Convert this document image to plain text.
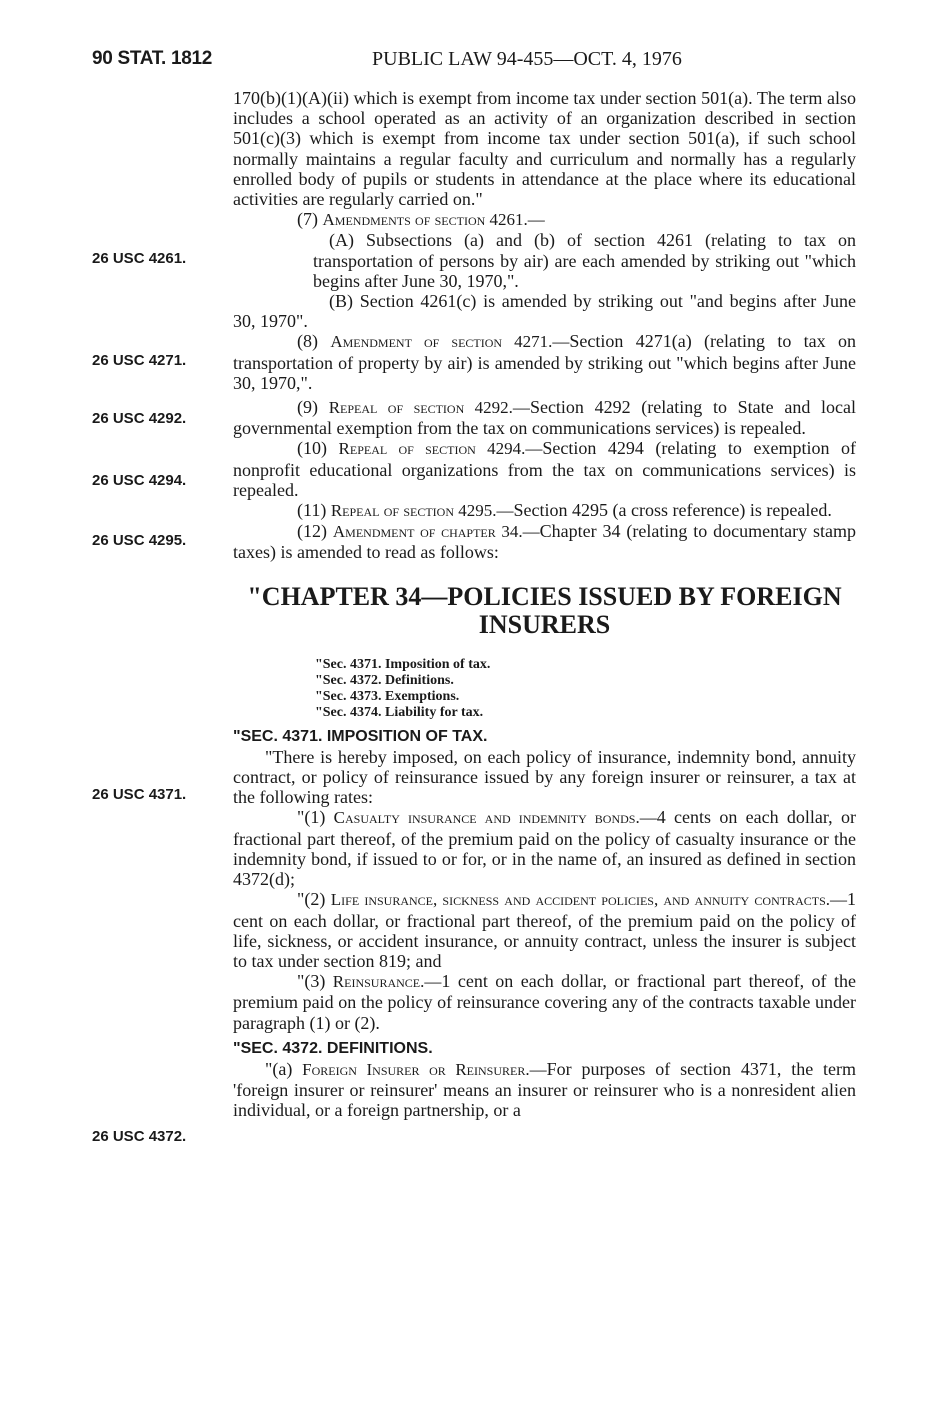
90 STAT. 1812	PUBLIC LAW 94-455—OCT. 4, 1976
26 USC 4261.
26 USC 4271.
26 USC 4292.
26 USC 4294.
26 USC 4295.
26 USC 4371.
26 USC 4372.

170(b)(1)(A)(ii) which is exempt from income tax under section 501(a). The term also includes a school operated as an activity of an organization described in section 501(c)(3) which is exempt from income tax under section 501(a), if such school normally maintains a regular faculty and curriculum and normally has a regularly enrolled body of pupils or students in attendance at the place where its educational activities are regularly carried on."

(7) Amendments of section 4261.—

(A) Subsections (a) and (b) of section 4261 (relating to tax on transportation of persons by air) are each amended by striking out "which begins after June 30, 1970,".

(B) Section 4261(c) is amended by striking out "and begins after June 30, 1970".

(8) Amendment of section 4271.—Section 4271(a) (relating to tax on transportation of property by air) is amended by striking out "which begins after June 30, 1970,".

(9) Repeal of section 4292.—Section 4292 (relating to State and local governmental exemption from the tax on communications services) is repealed.

(10) Repeal of section 4294.—Section 4294 (relating to exemption of nonprofit educational organizations from the tax on communications services) is repealed.

(11) Repeal of section 4295.—Section 4295 (a cross reference) is repealed.

(12) Amendment of chapter 34.—Chapter 34 (relating to documentary stamp taxes) is amended to read as follows:

"CHAPTER 34—POLICIES ISSUED BY FOREIGN INSURERS
"Sec. 4371. Imposition of tax.
"Sec. 4372. Definitions.
"Sec. 4373. Exemptions.
"Sec. 4374. Liability for tax.
"SEC. 4371. IMPOSITION OF TAX.

"There is hereby imposed, on each policy of insurance, indemnity bond, annuity contract, or policy of reinsurance issued by any foreign insurer or reinsurer, a tax at the following rates:

"(1) Casualty insurance and indemnity bonds.—4 cents on each dollar, or fractional part thereof, of the premium paid on the policy of casualty insurance or the indemnity bond, if issued to or for, or in the name of, an insured as defined in section 4372(d);

"(2) Life insurance, sickness and accident policies, and annuity contracts.—1 cent on each dollar, or fractional part thereof, of the premium paid on the policy of life, sickness, or accident insurance, or annuity contract, unless the insurer is subject to tax under section 819; and

"(3) Reinsurance.—1 cent on each dollar, or fractional part thereof, of the premium paid on the policy of reinsurance covering any of the contracts taxable under paragraph (1) or (2).

"SEC. 4372. DEFINITIONS.

"(a) Foreign Insurer or Reinsurer.—For purposes of section 4371, the term 'foreign insurer or reinsurer' means an insurer or reinsurer who is a nonresident alien individual, or a foreign partnership, or a
